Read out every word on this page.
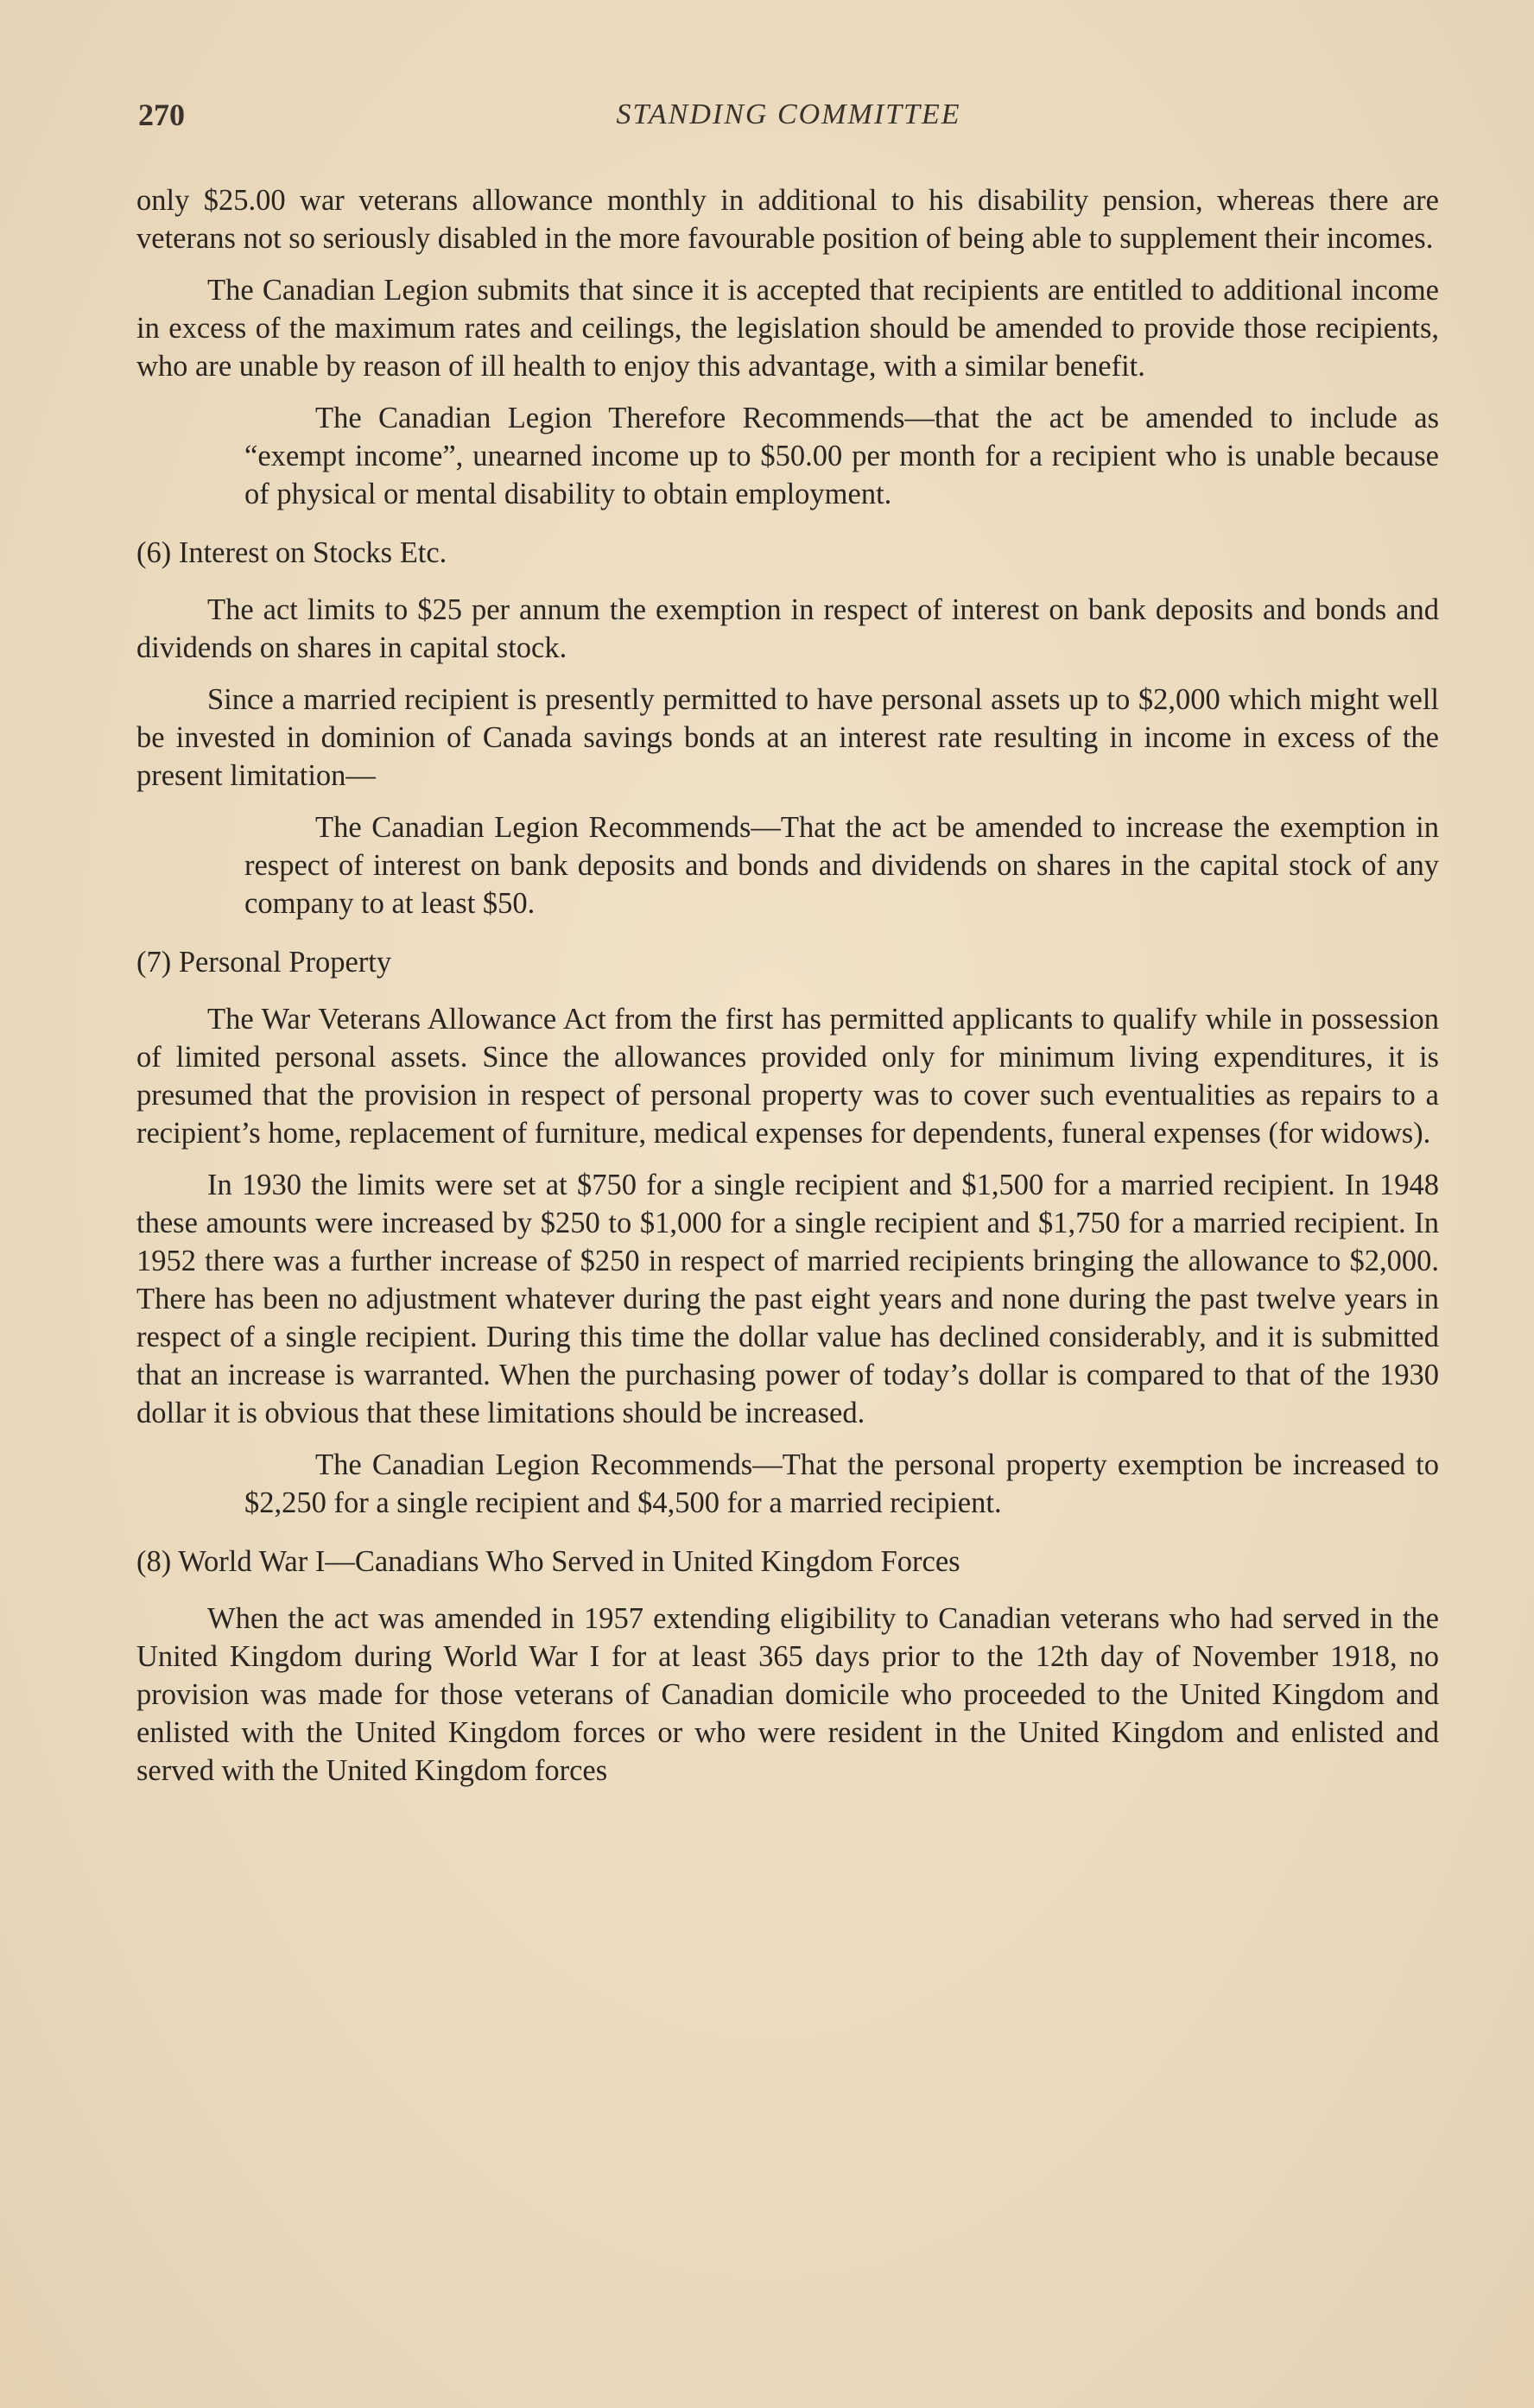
270	STANDING COMMITTEE

only $25.00 war veterans allowance monthly in additional to his disability pension, whereas there are veterans not so seriously disabled in the more favourable position of being able to supplement their incomes.

The Canadian Legion submits that since it is accepted that recipients are entitled to additional income in excess of the maximum rates and ceilings, the legislation should be amended to provide those recipients, who are unable by reason of ill health to enjoy this advantage, with a similar benefit.

The Canadian Legion Therefore Recommends—that the act be amended to include as “exempt income”, unearned income up to $50.00 per month for a recipient who is unable because of physical or mental disability to obtain employment.

(6) Interest on Stocks Etc.

The act limits to $25 per annum the exemption in respect of interest on bank deposits and bonds and dividends on shares in capital stock.

Since a married recipient is presently permitted to have personal assets up to $2,000 which might well be invested in dominion of Canada savings bonds at an interest rate resulting in income in excess of the present limitation—

The Canadian Legion Recommends—That the act be amended to increase the exemption in respect of interest on bank deposits and bonds and dividends on shares in the capital stock of any company to at least $50.

(7) Personal Property

The War Veterans Allowance Act from the first has permitted applicants to qualify while in possession of limited personal assets. Since the allowances provided only for minimum living expenditures, it is presumed that the provision in respect of personal property was to cover such eventualities as repairs to a recipient’s home, replacement of furniture, medical expenses for dependents, funeral expenses (for widows).

In 1930 the limits were set at $750 for a single recipient and $1,500 for a married recipient. In 1948 these amounts were increased by $250 to $1,000 for a single recipient and $1,750 for a married recipient. In 1952 there was a further increase of $250 in respect of married recipients bringing the allowance to $2,000. There has been no adjustment whatever during the past eight years and none during the past twelve years in respect of a single recipient. During this time the dollar value has declined considerably, and it is submitted that an increase is warranted. When the purchasing power of today’s dollar is compared to that of the 1930 dollar it is obvious that these limitations should be increased.

The Canadian Legion Recommends—That the personal property exemption be increased to $2,250 for a single recipient and $4,500 for a married recipient.

(8) World War I—Canadians Who Served in United Kingdom Forces

When the act was amended in 1957 extending eligibility to Canadian veterans who had served in the United Kingdom during World War I for at least 365 days prior to the 12th day of November 1918, no provision was made for those veterans of Canadian domicile who proceeded to the United Kingdom and enlisted with the United Kingdom forces or who were resident in the United Kingdom and enlisted and served with the United Kingdom forces
